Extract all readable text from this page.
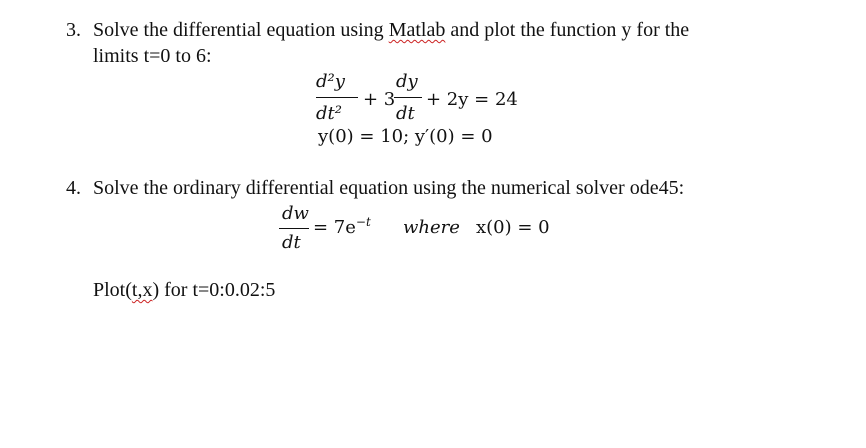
3. Solve the differential equation using Matlab and plot the function y for the
limits t=0 to 6:
d²y
dt²
+ 3
dy
dt
+ 2y = 24
y(0) = 10; y′(0) = 0
4. Solve the ordinary differential equation using the numerical solver ode45:
dw
dt
= $7e^{-t}$ where x(0) = 0
Plot(t,x) for t=0:0.02:5
